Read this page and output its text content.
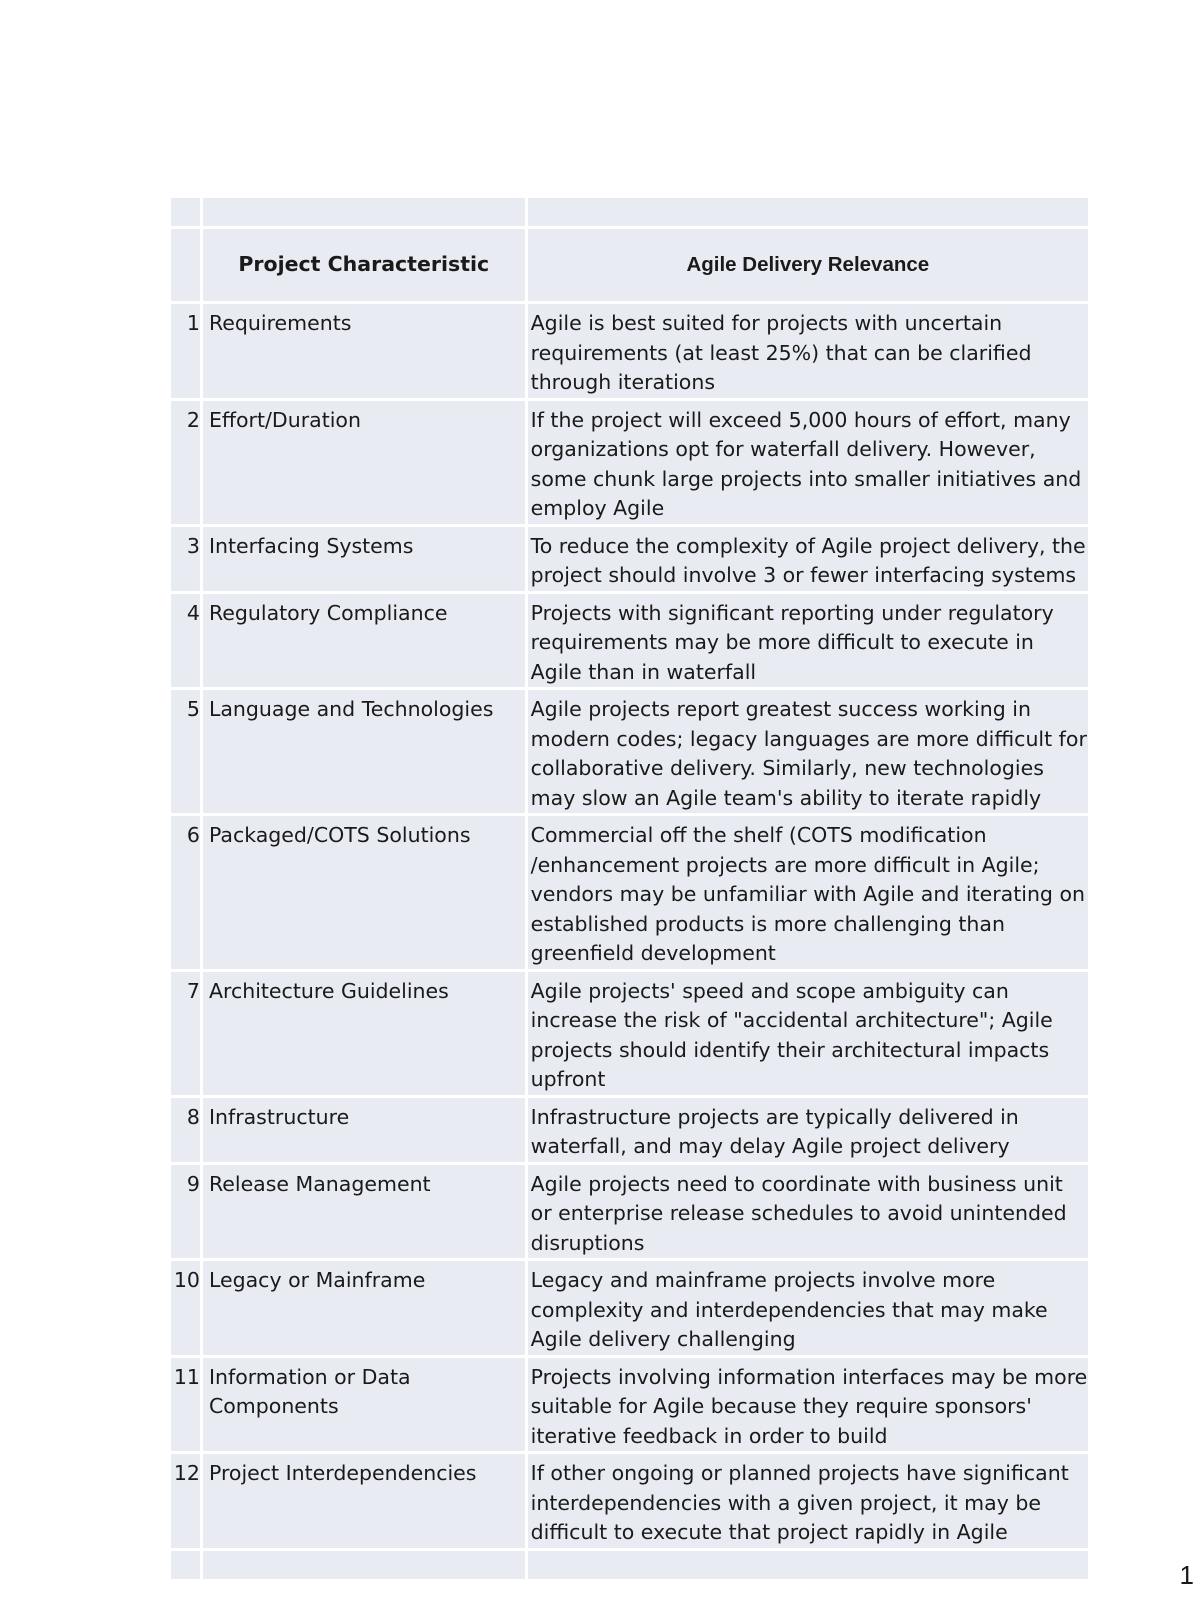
	Project Characteristic	Agile Delivery Relevance
1	Requirements	Agile is best suited for projects with uncertain requirements (at least 25%) that can be clarified through iterations
2	Effort/Duration	If the project will exceed 5,000 hours of effort, many organizations opt for waterfall delivery. However, some chunk large projects into smaller initiatives and employ Agile
3	Interfacing Systems	To reduce the complexity of Agile project delivery, the project should involve 3 or fewer interfacing systems
4	Regulatory Compliance	Projects with significant reporting under regulatory requirements may be more difficult to execute in Agile than in waterfall
5	Language and Technologies	Agile projects report greatest success working in modern codes; legacy languages are more difficult for collaborative delivery. Similarly, new technologies may slow an Agile team's ability to iterate rapidly
6	Packaged/COTS Solutions	Commercial off the shelf (COTS modification /enhancement projects are more difficult in Agile; vendors may be unfamiliar with Agile and iterating on established products is more challenging than greenfield development
7	Architecture Guidelines	Agile projects' speed and scope ambiguity can increase the risk of "accidental architecture"; Agile projects should identify their architectural impacts upfront
8	Infrastructure	Infrastructure projects are typically delivered in waterfall, and may delay Agile project delivery
9	Release Management	Agile projects need to coordinate with business unit or enterprise release schedules to avoid unintended disruptions
10	Legacy or Mainframe	Legacy and mainframe projects involve more complexity and interdependencies that may make Agile delivery challenging
11	Information or Data Components	Projects involving information interfaces may be more suitable for Agile because they require sponsors' iterative feedback in order to build
12	Project Interdependencies	If other ongoing or planned projects have significant interdependencies with a given project, it may be difficult to execute that project rapidly in Agile

1
